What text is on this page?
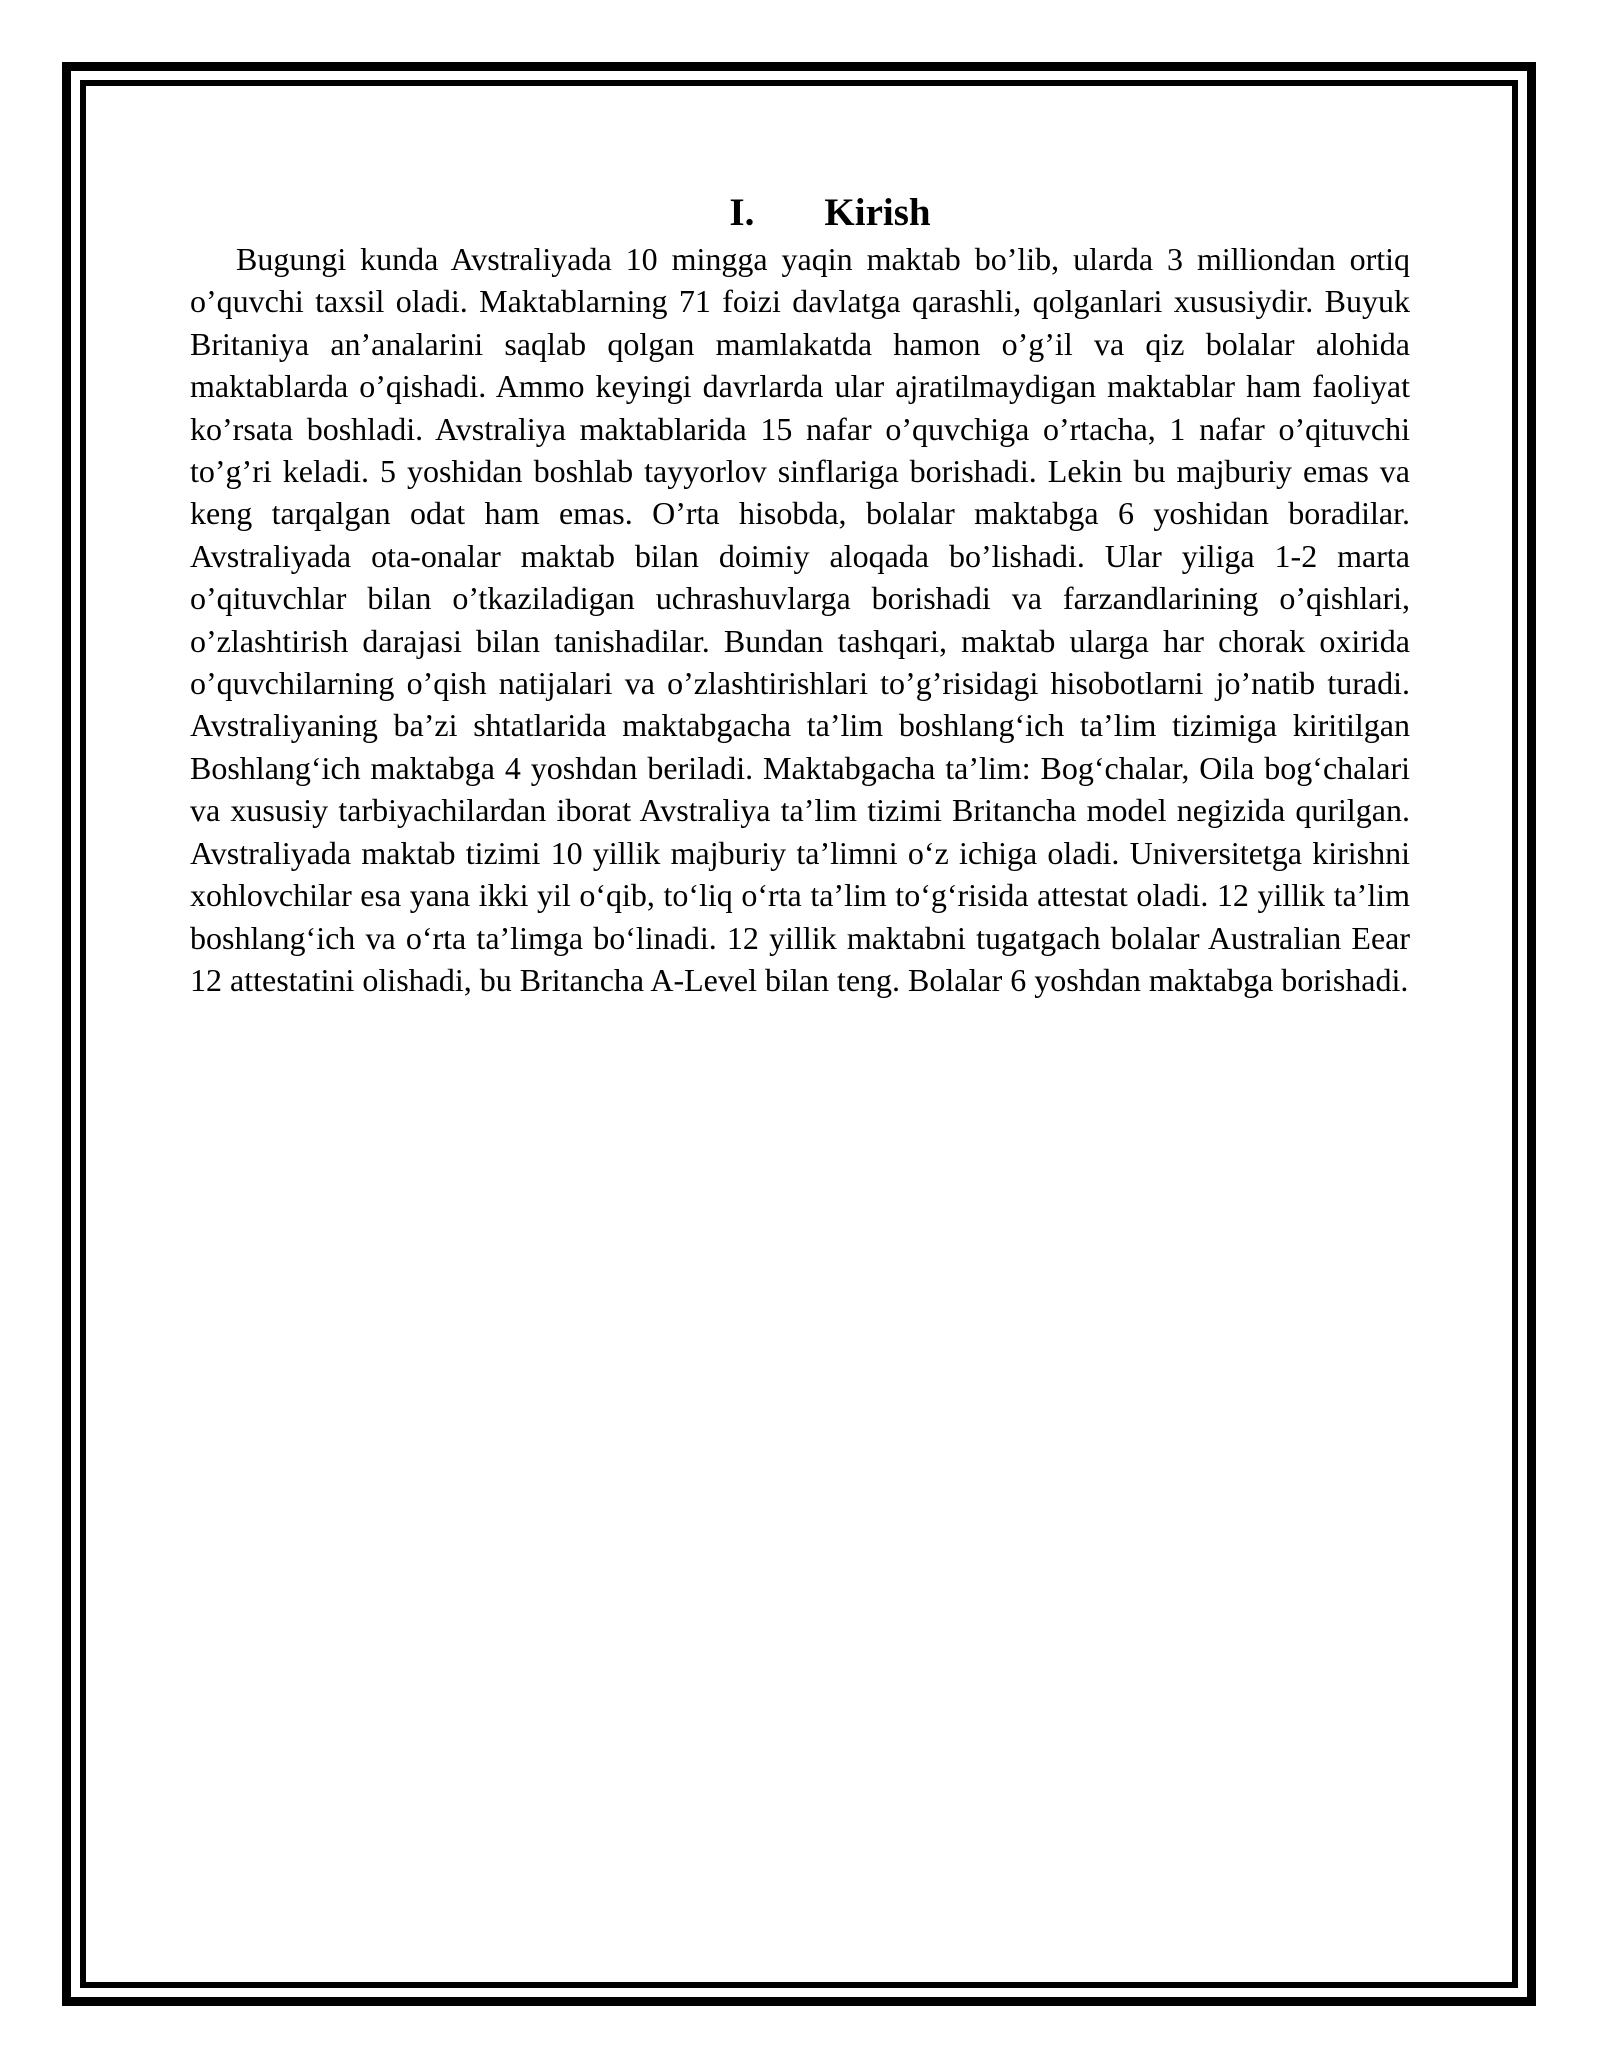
I. Kirish

Bugungi kunda Avstraliyada 10 mingga yaqin maktab bo’lib, ularda 3 milliondan ortiq o’quvchi taxsil oladi. Maktablarning 71 foizi davlatga qarashli, qolganlari xususiydir. Buyuk Britaniya an’analarini saqlab qolgan mamlakatda hamon o’g’il va qiz bolalar alohida maktablarda o’qishadi. Ammo keyingi davrlarda ular ajratilmaydigan maktablar ham faoliyat ko’rsata boshladi. Avstraliya maktablarida 15 nafar o’quvchiga o’rtacha, 1 nafar o’qituvchi to’g’ri keladi. 5 yoshidan boshlab tayyorlov sinflariga borishadi. Lekin bu majburiy emas va keng tarqalgan odat ham emas. O’rta hisobda, bolalar maktabga 6 yoshidan boradilar. Avstraliyada ota-onalar maktab bilan doimiy aloqada bo’lishadi. Ular yiliga 1-2 marta o’qituvchlar bilan o’tkaziladigan uchrashuvlarga borishadi va farzandlarining o’qishlari, o’zlashtirish darajasi bilan tanishadilar. Bundan tashqari, maktab ularga har chorak oxirida o’quvchilarning o’qish natijalari va o’zlashtirishlari to’g’risidagi hisobotlarni jo’natib turadi. Avstraliyaning ba’zi shtatlarida maktabgacha ta’lim boshlang‘ich ta’lim tizimiga kiritilgan Boshlang‘ich maktabga 4 yoshdan beriladi. Maktabgacha ta’lim: Bog‘chalar, Oila bog‘chalari va xususiy tarbiyachilardan iborat Avstraliya ta’lim tizimi Britancha model negizida qurilgan. Avstraliyada maktab tizimi 10 yillik majburiy ta’limni o‘z ichiga oladi. Universitetga kirishni xohlovchilar esa yana ikki yil o‘qib, to‘liq o‘rta ta’lim to‘g‘risida attestat oladi. 12 yillik ta’lim boshlang‘ich va o‘rta ta’limga bo‘linadi. 12 yillik maktabni tugatgach bolalar Australian Eear 12 attestatini olishadi, bu Britancha A-Level bilan teng. Bolalar 6 yoshdan maktabga borishadi.
